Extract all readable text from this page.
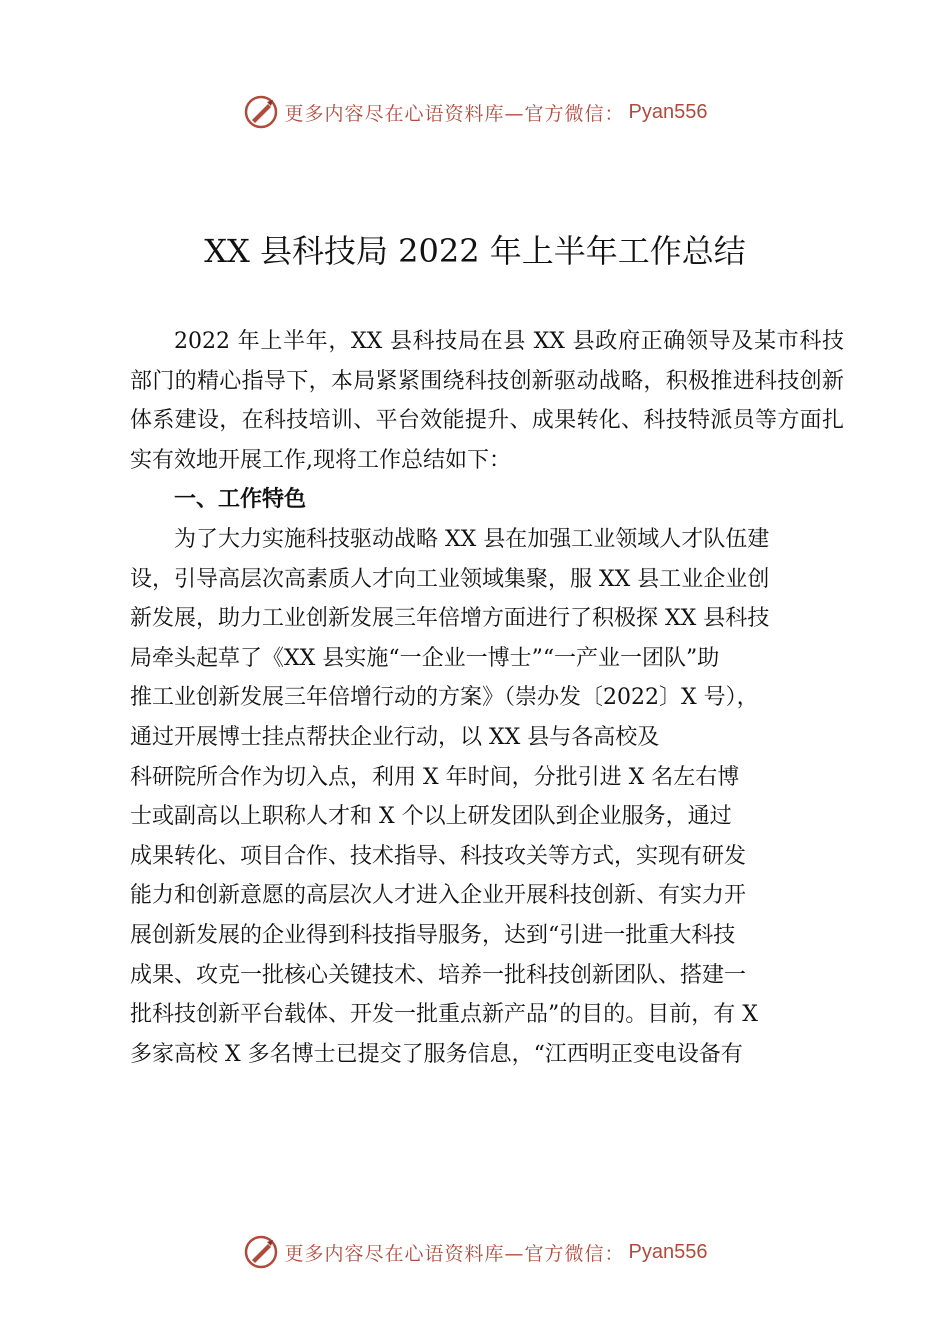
更多内容尽在心语资料库—官方微信： Pyan556
XX 县科技局 2022 年上半年工作总结

2022 年上半年，XX 县科技局在县 XX 县政府正确领导及某市科技部门的精心指导下，本局紧紧围绕科技创新驱动战略，积极推进科技创新体系建设，在科技培训、平台效能提升、成果转化、科技特派员等方面扎实有效地开展工作,现将工作总结如下：

一、工作特色

为了大力实施科技驱动战略 XX 县在加强工业领域人才队伍建
设，引导高层次高素质人才向工业领域集聚，服 XX 县工业企业创
新发展，助力工业创新发展三年倍增方面进行了积极探 XX 县科技
局牵头起草了《XX 县实施“一企业一博士”“一产业一团队”助
推工业创新发展三年倍增行动的方案》（崇办发〔2022〕X 号），
通过开展博士挂点帮扶企业行动，以 XX 县与各高校及
科研院所合作为切入点，利用 X 年时间，分批引进 X 名左右博
士或副高以上职称人才和 X 个以上研发团队到企业服务，通过
成果转化、项目合作、技术指导、科技攻关等方式，实现有研发
能力和创新意愿的高层次人才进入企业开展科技创新、有实力开
展创新发展的企业得到科技指导服务，达到“引进一批重大科技
成果、攻克一批核心关键技术、培养一批科技创新团队、搭建一
批科技创新平台载体、开发一批重点新产品”的目的。目前，有 X
多家高校 X 多名博士已提交了服务信息，“江西明正变电设备有
更多内容尽在心语资料库—官方微信： Pyan556
